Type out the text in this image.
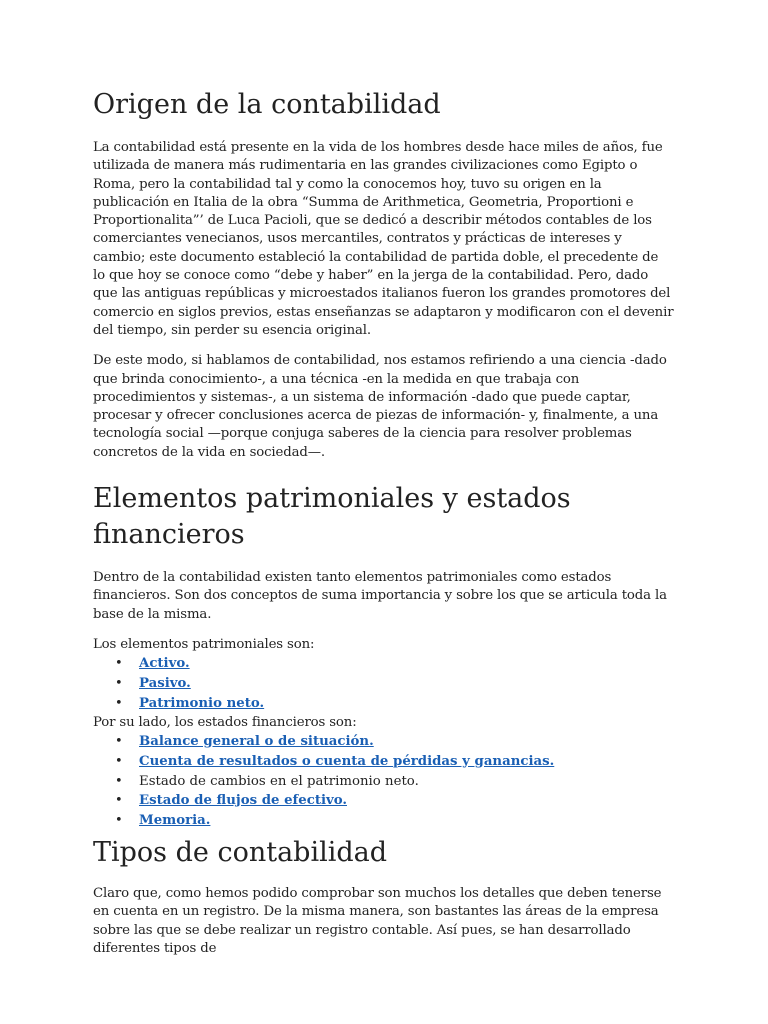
Origen de la contabilidad

La contabilidad está presente en la vida de los hombres desde hace miles de años, fue utilizada de manera más rudimentaria en las grandes civilizaciones como Egipto o Roma, pero la contabilidad tal y como la conocemos hoy, tuvo su origen en la publicación en Italia de la obra “Summa de Arithmetica, Geometria, Proportioni e Proportionalita”’ de Luca Pacioli, que se dedicó a describir métodos contables de los comerciantes venecianos, usos mercantiles, contratos y prácticas de intereses y cambio; este documento estableció la contabilidad de partida doble, el precedente de lo que hoy se conoce como “debe y haber” en la jerga de la contabilidad. Pero, dado que las antiguas repúblicas y microestados italianos fueron los grandes promotores del comercio en siglos previos, estas enseñanzas se adaptaron y modificaron con el devenir del tiempo, sin perder su esencia original.

De este modo, si hablamos de contabilidad, nos estamos refiriendo a una ciencia -dado que brinda conocimiento-, a una técnica -en la medida en que trabaja con procedimientos y sistemas-, a un sistema de información -dado que puede captar, procesar y ofrecer conclusiones acerca de piezas de información- y, finalmente, a una tecnología social —porque conjuga saberes de la ciencia para resolver problemas concretos de la vida en sociedad—.

Elementos patrimoniales y estados financieros

Dentro de la contabilidad existen tanto elementos patrimoniales como estados financieros. Son dos conceptos de suma importancia y sobre los que se articula toda la base de la misma.

Los elementos patrimoniales son:

• Activo.
• Pasivo.
• Patrimonio neto.

Por su lado, los estados financieros son:

• Balance general o de situación.
• Cuenta de resultados o cuenta de pérdidas y ganancias.
• Estado de cambios en el patrimonio neto.
• Estado de flujos de efectivo.
• Memoria.
Tipos de contabilidad

Claro que, como hemos podido comprobar son muchos los detalles que deben tenerse en cuenta en un registro. De la misma manera, son bastantes las áreas de la empresa sobre las que se debe realizar un registro contable. Así pues, se han desarrollado diferentes tipos de
